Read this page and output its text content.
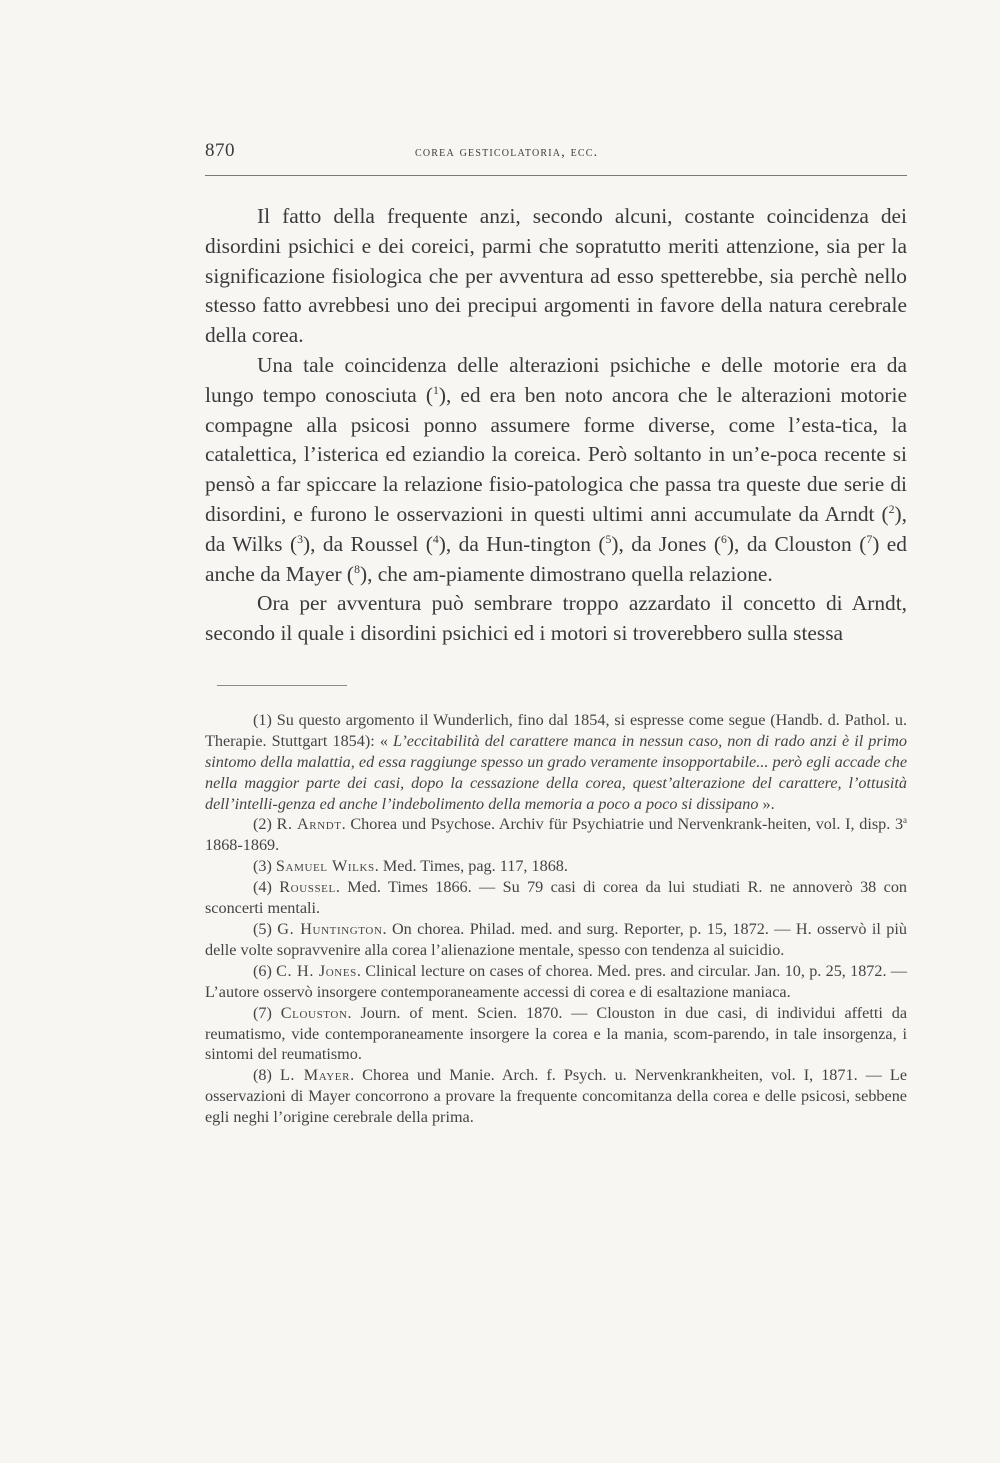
870	corea gesticolatoria, ecc.

Il fatto della frequente anzi, secondo alcuni, costante coincidenza dei disordini psichici e dei coreici, parmi che sopratutto meriti attenzione, sia per la significazione fisiologica che per avventura ad esso spetterebbe, sia perchè nello stesso fatto avrebbesi uno dei precipui argomenti in favore della natura cerebrale della corea.

Una tale coincidenza delle alterazioni psichiche e delle motorie era da lungo tempo conosciuta ($^1$), ed era ben noto ancora che le alterazioni motorie compagne alla psicosi ponno assumere forme diverse, come l’esta-tica, la catalettica, l’isterica ed eziandio la coreica. Però soltanto in un’e-poca recente si pensò a far spiccare la relazione fisio-patologica che passa tra queste due serie di disordini, e furono le osservazioni in questi ultimi anni accumulate da Arndt ($^2$), da Wilks ($^3$), da Roussel ($^4$), da Hun-tington ($^5$), da Jones ($^6$), da Clouston ($^7$) ed anche da Mayer ($^8$), che am-piamente dimostrano quella relazione.

Ora per avventura può sembrare troppo azzardato il concetto di Arndt, secondo il quale i disordini psichici ed i motori si troverebbero sulla stessa

(1) Su questo argomento il Wunderlich, fino dal 1854, si espresse come segue (Handb. d. Pathol. u. Therapie. Stuttgart 1854): « L’eccitabilità del carattere manca in nessun caso, non di rado anzi è il primo sintomo della malattia, ed essa raggiunge spesso un grado veramente insopportabile... però egli accade che nella maggior parte dei casi, dopo la cessazione della corea, quest’alterazione del carattere, l’ottusità dell’intelli-genza ed anche l’indebolimento della memoria a poco a poco si dissipano ».

(2) R. Arndt. Chorea und Psychose. Archiv für Psychiatrie und Nervenkrank-heiten, vol. I, disp. 3$^a$ 1868-1869.

(3) Samuel Wilks. Med. Times, pag. 117, 1868.

(4) Roussel. Med. Times 1866. — Su 79 casi di corea da lui studiati R. ne annoverò 38 con sconcerti mentali.

(5) G. Huntington. On chorea. Philad. med. and surg. Reporter, p. 15, 1872. — H. osservò il più delle volte sopravvenire alla corea l’alienazione mentale, spesso con tendenza al suicidio.

(6) C. H. Jones. Clinical lecture on cases of chorea. Med. pres. and circular. Jan. 10, p. 25, 1872. — L’autore osservò insorgere contemporaneamente accessi di corea e di esaltazione maniaca.

(7) Clouston. Journ. of ment. Scien. 1870. — Clouston in due casi, di individui affetti da reumatismo, vide contemporaneamente insorgere la corea e la mania, scom-parendo, in tale insorgenza, i sintomi del reumatismo.

(8) L. Mayer. Chorea und Manie. Arch. f. Psych. u. Nervenkrankheiten, vol. I, 1871. — Le osservazioni di Mayer concorrono a provare la frequente concomitanza della corea e delle psicosi, sebbene egli neghi l’origine cerebrale della prima.
